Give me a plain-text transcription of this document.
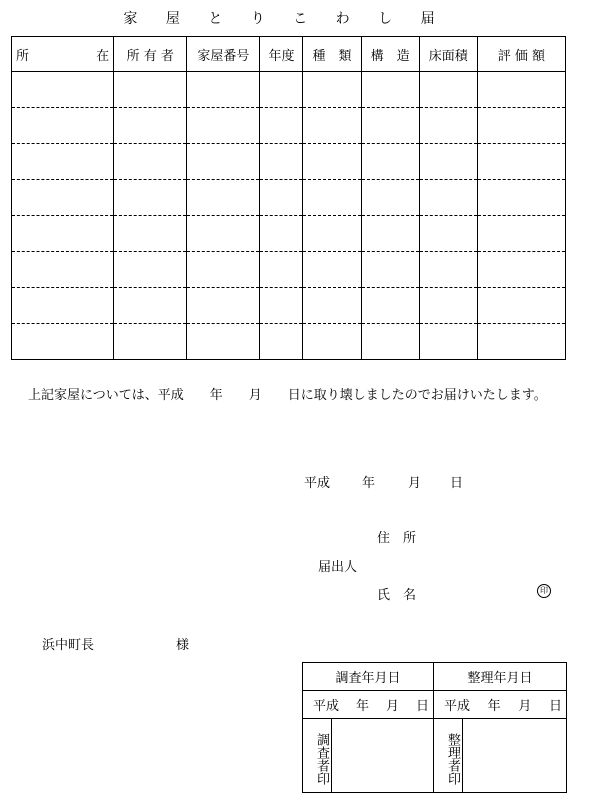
家 屋 と り こ わ し 届
所 在	所 有 者	家屋番号	年度	種　類	構　造	床面積	評 価 額

上記家屋については、平成　　年　　月　　日に取り壊しましたのでお届けいたします。
平成 年	月 日
住　所
届出人
氏　名	印
浜中町長	様
調査年月日		整理年月日	

平成 年 月 日		平成 年 月 日	

調査者印		整理者印	
